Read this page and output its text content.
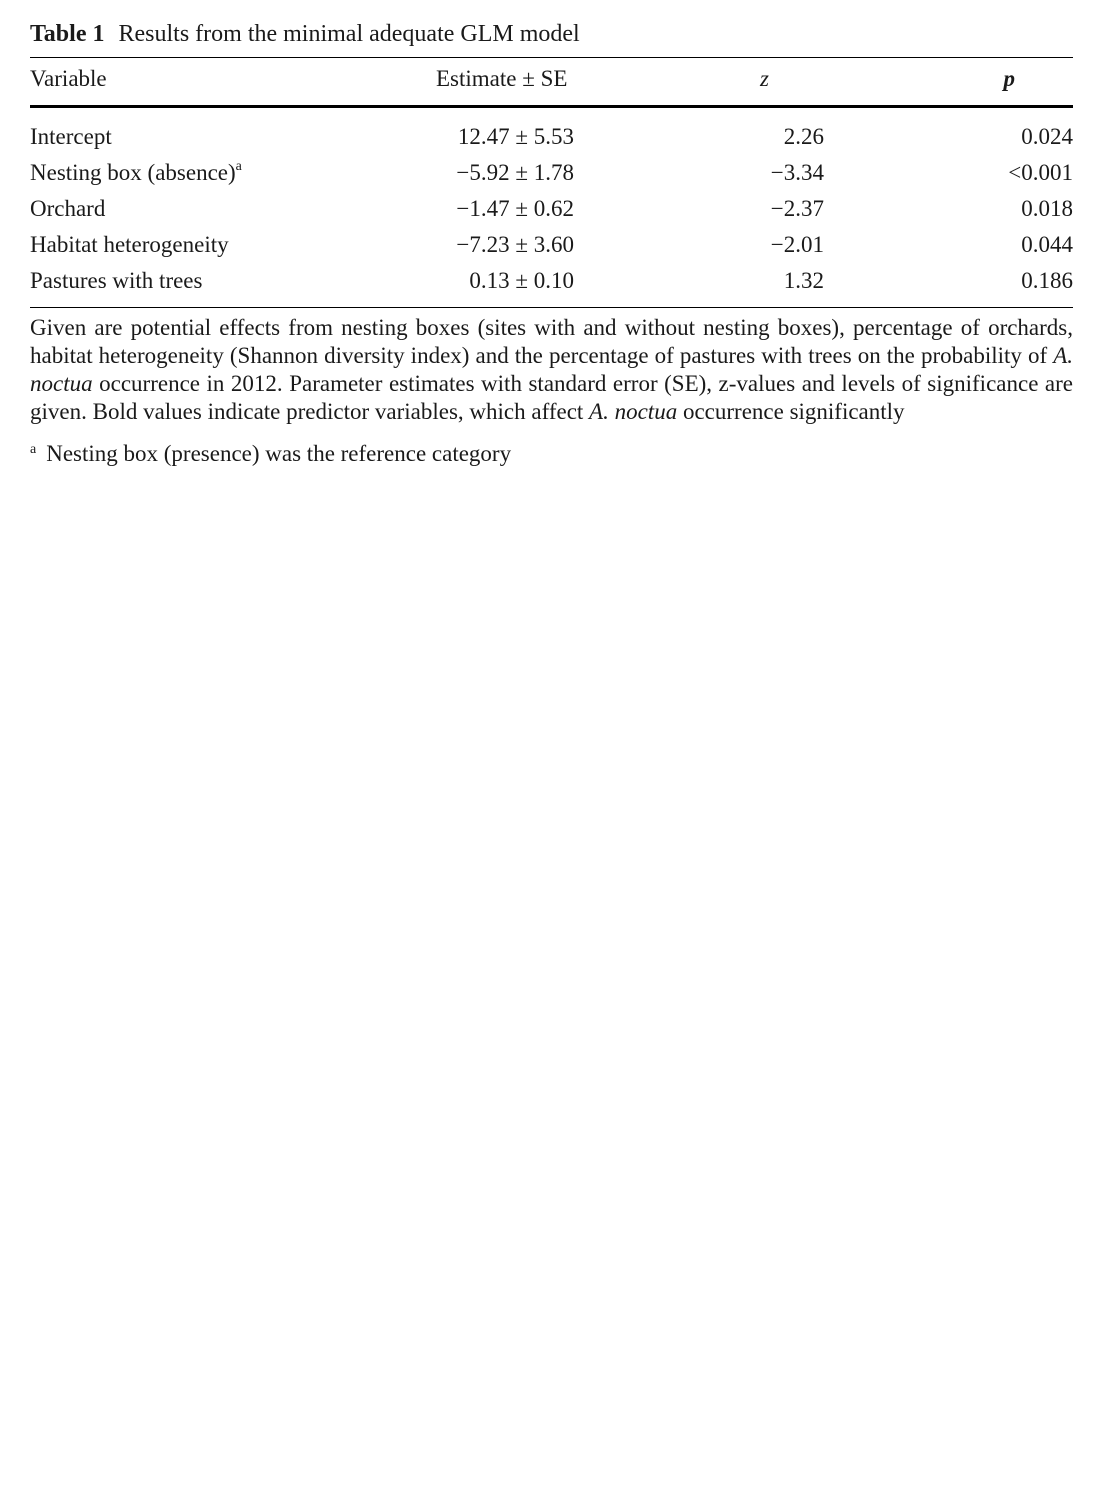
Table 1 Results from the minimal adequate GLM model
Variable	Estimate ± SE	z	p
Intercept	12.47 ± 5.53	2.26	0.024
Nesting box (absence)$^a$	−5.92 ± 1.78	−3.34	<0.001
Orchard	−1.47 ± 0.62	−2.37	0.018
Habitat heterogeneity	−7.23 ± 3.60	−2.01	0.044
Pastures with trees	0.13 ± 0.10	1.32	0.186
Given are potential effects from nesting boxes (sites with and without nesting boxes), percentage of orchards, habitat heterogeneity (Shannon diversity index) and the percentage of pastures with trees on the probability of A. noctua occurrence in 2012. Parameter estimates with standard error (SE), z-values and levels of significance are given. Bold values indicate predictor variables, which affect A. noctua occurrence significantly
$^a$ Nesting box (presence) was the reference category
